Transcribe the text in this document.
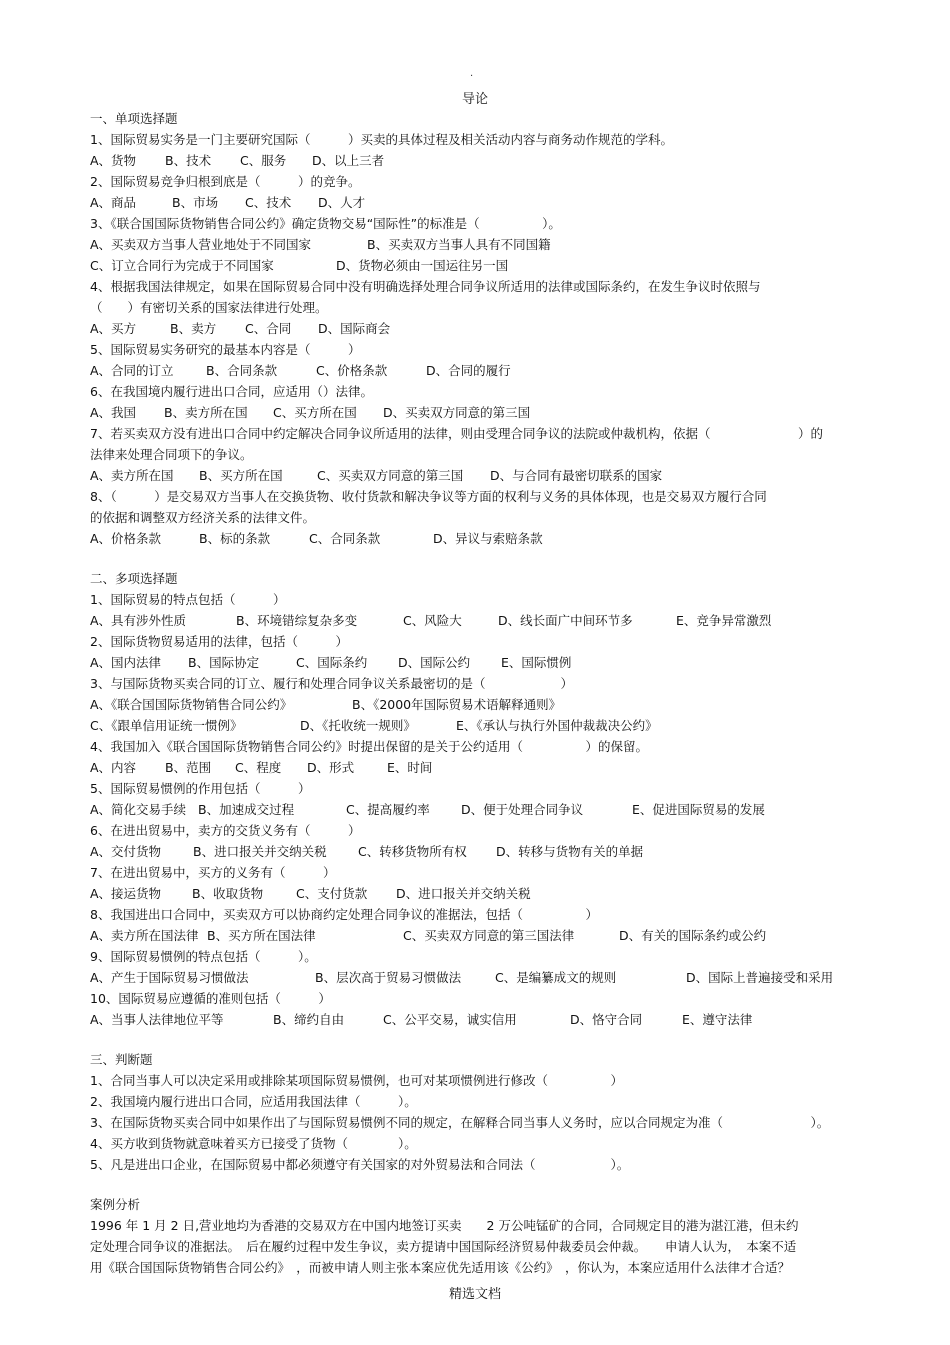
.
导论
一、单项选择题
1、国际贸易实务是一门主要研究国际（　　　）买卖的具体过程及相关活动内容与商务动作规范的学科。
A、货物 B、技术 C、服务 D、以上三者
2、国际贸易竞争归根到底是（　　　）的竞争。
A、商品	B、市场 C、技术 D、人才
3、《联合国国际货物销售合同公约》确定货物交易“国际性”的标准是（　　　　　）。
A、买卖双方当事人营业地处于不同国家	B、买卖双方当事人具有不同国籍
C、订立合同行为完成于不同国家	D、货物必须由一国运往另一国
4、根据我国法律规定，如果在国际贸易合同中没有明确选择处理合同争议所适用的法律或国际条约，在发生争议时依照与
（　　）有密切关系的国家法律进行处理。
A、买方	B、卖方 C、合同 D、国际商会
5、国际贸易实务研究的最基本内容是（　　　）
A、合同的订立	B、合同条款	C、价格条款	D、合同的履行
6、在我国境内履行进出口合同，应适用（）法律。
A、我国 B、卖方所在国 C、买方所在国 D、买卖双方同意的第三国
7、若买卖双方没有进出口合同中约定解决合同争议所适用的法律，则由受理合同争议的法院或仲裁机构，依据（　　　　　　　）的
法律来处理合同项下的争议。
A、卖方所在国 B、买方所在国	C、买卖双方同意的第三国 D、与合同有最密切联系的国家
8、（　　　）是交易双方当事人在交换货物、收付货款和解决争议等方面的权利与义务的具体体现，也是交易双方履行合同
的依据和调整双方经济关系的法律文件。
A、价格条款	B、标的条款	C、合同条款	D、异议与索赔条款
二、多项选择题
1、国际贸易的特点包括（　　　）
A、具有涉外性质	B、环境错综复杂多变	C、风险大	D、线长面广中间环节多	E、竞争异常激烈
2、国际货物贸易适用的法律，包括（　　　）
A、国内法律 B、国际协定	C、国际条约 D、国际公约 E、国际惯例
3、与国际货物买卖合同的订立、履行和处理合同争议关系最密切的是（　　　　　　）
A、《联合国国际货物销售合同公约》	B、《2000年国际贸易术语解释通则》
C、《跟单信用证统一惯例》	D、《托收统一规则》	E、《承认与执行外国仲裁裁决公约》
4、我国加入《联合国国际货物销售合同公约》时提出保留的是关于公约适用（　　　　　）的保留。
A、内容 B、范围 C、程度 D、形式	E、时间
5、国际贸易惯例的作用包括（　　　）
A、简化交易手续 B、加速成交过程	C、提高履约率	D、便于处理合同争议	E、促进国际贸易的发展
6、在进出贸易中，卖方的交货义务有（　　　）
A、交付货物	B、进口报关并交纳关税	C、转移货物所有权 D、转移与货物有关的单据
7、在进出贸易中，买方的义务有（　　　）
A、接运货物 B、收取货物	C、支付货款 D、进口报关并交纳关税
8、我国进出口合同中，买卖双方可以协商约定处理合同争议的准据法，包括（　　　　　）
A、卖方所在国法律 B、买方所在国法律	C、买卖双方同意的第三国法律	D、有关的国际条约或公约
9、国际贸易惯例的特点包括（　　　）。
A、产生于国际贸易习惯做法	B、层次高于贸易习惯做法	C、是编纂成文的规则	D、国际上普遍接受和采用
10、国际贸易应遵循的准则包括（　　　）
A、当事人法律地位平等	B、缔约自由	C、公平交易，诚实信用	D、恪守合同	E、遵守法律
三、判断题
1、合同当事人可以决定采用或排除某项国际贸易惯例，也可对某项惯例进行修改（　　　　　）
2、我国境内履行进出口合同，应适用我国法律（　　　）。
3、在国际货物买卖合同中如果作出了与国际贸易惯例不同的规定，在解释合同当事人义务时，应以合同规定为准（　　　　　　　）。
4、买方收到货物就意味着买方已接受了货物（　　　　）。
5、凡是进出口企业，在国际贸易中都必须遵守有关国家的对外贸易法和合同法（　　　　　　）。
案例分析
1996 年 1 月 2 日,营业地均为香港的交易双方在中国内地签订买卖　　2 万公吨锰矿的合同，合同规定目的港为湛江港，但未约
定处理合同争议的准据法。　后在履约过程中发生争议，卖方提请中国国际经济贸易仲裁委员会仲裁。　　申请人认为，　本案不适
用《联合国国际货物销售合同公约》　，而被申请人则主张本案应优先适用该《公约》　，你认为，本案应适用什么法律才合适？
精选文档
